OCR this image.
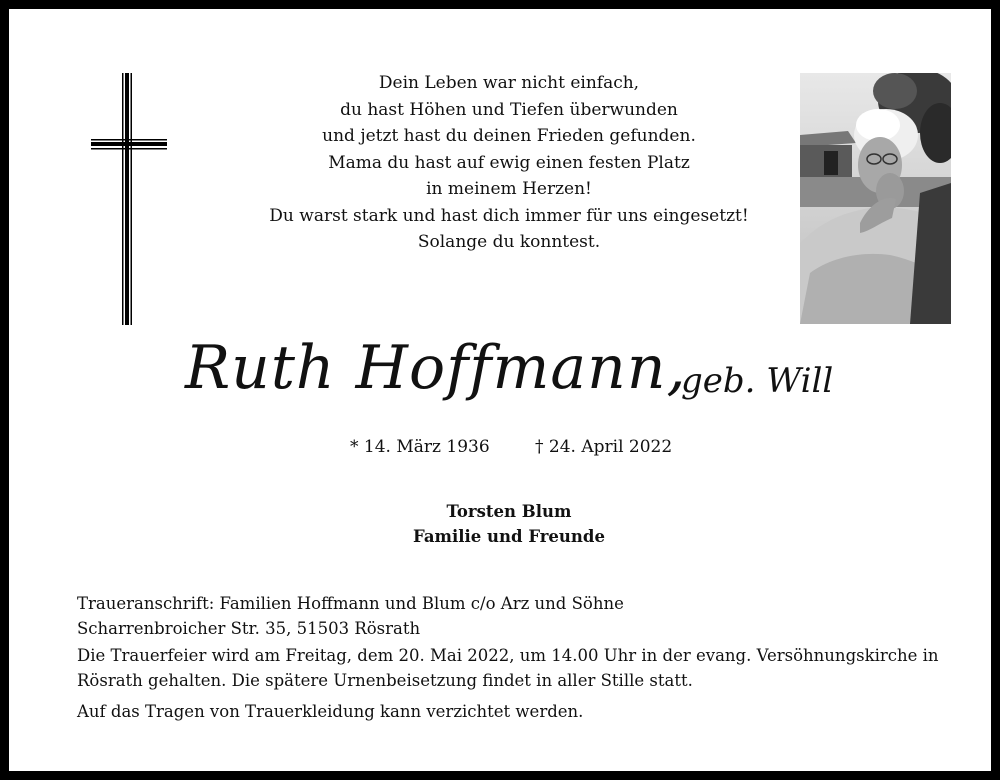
Dein Leben war nicht einfach,
du hast Höhen und Tiefen überwunden
und jetzt hast du deinen Frieden gefunden.
Mama du hast auf ewig einen festen Platz
in meinem Herzen!
Du warst stark und hast dich immer für uns eingesetzt!
Solange du konntest.
Ruth Hoffmann,
geb. Will
* 14. März 1936	† 24. April 2022
Torsten Blum
Familie und Freunde

Traueranschrift: Familien Hoffmann und Blum c/o Arz und Söhne
Scharrenbroicher Str. 35, 51503 Rösrath

Die Trauerfeier wird am Freitag, dem 20. Mai 2022, um 14.00 Uhr in der evang. Versöhnungskirche in Rösrath gehalten. Die spätere Urnenbeisetzung findet in aller Stille statt.

Auf das Tragen von Trauerkleidung kann verzichtet werden.
